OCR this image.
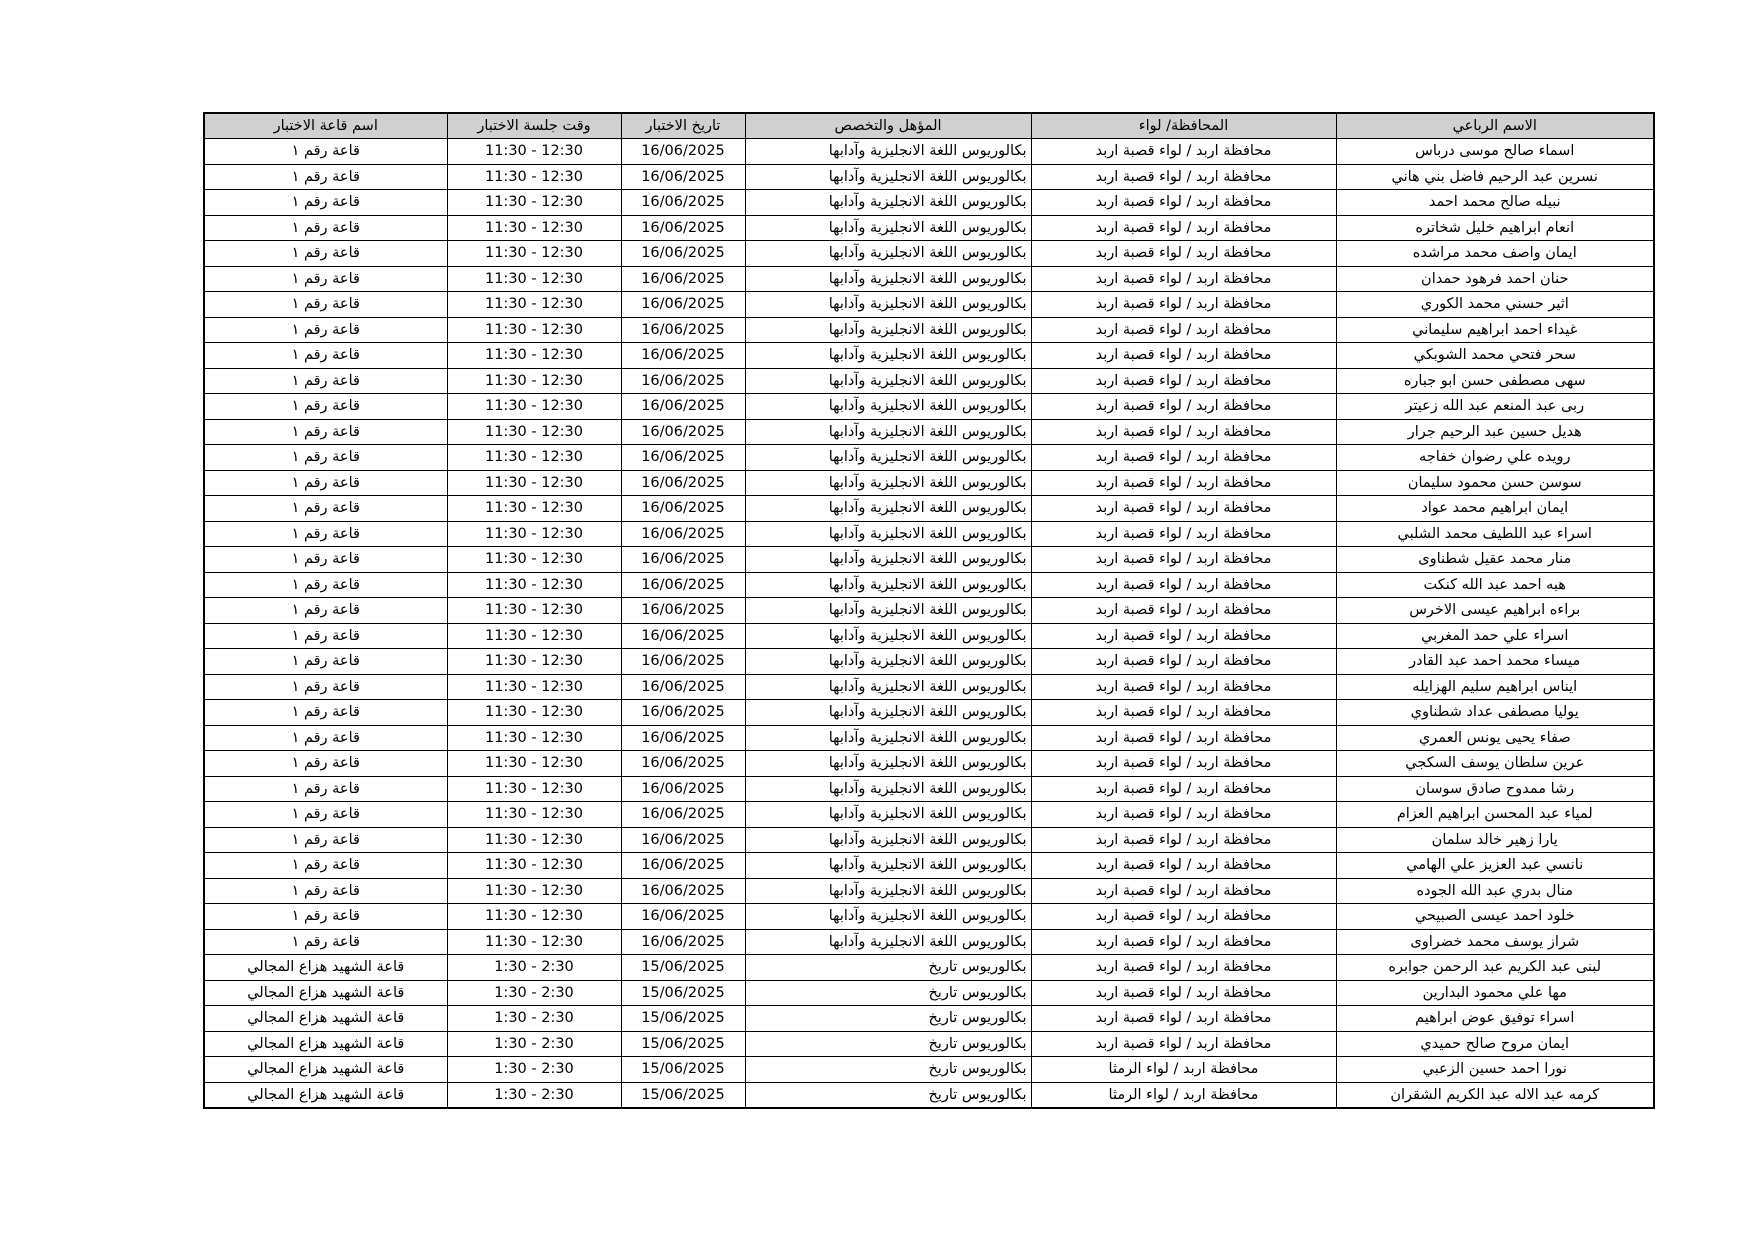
الاسم الرباعي	المحافظة/ لواء	المؤهل والتخصص	تاريخ الاختبار	وقت جلسة الاختبار	اسم قاعة الاختبار
اسماء صالح موسى درباس	محافظة اربد / لواء قصبة اربد	بكالوريوس اللغة الانجليزية وآدابها	16/06/2025	11:30 - 12:30	قاعة رقم ١
نسرين عبد الرحيم فاضل بني هاني	محافظة اربد / لواء قصبة اربد	بكالوريوس اللغة الانجليزية وآدابها	16/06/2025	11:30 - 12:30	قاعة رقم ١
نبيله صالح محمد احمد	محافظة اربد / لواء قصبة اربد	بكالوريوس اللغة الانجليزية وآدابها	16/06/2025	11:30 - 12:30	قاعة رقم ١
انعام ابراهيم خليل شخاتره	محافظة اربد / لواء قصبة اربد	بكالوريوس اللغة الانجليزية وآدابها	16/06/2025	11:30 - 12:30	قاعة رقم ١
ايمان واصف محمد مراشده	محافظة اربد / لواء قصبة اربد	بكالوريوس اللغة الانجليزية وآدابها	16/06/2025	11:30 - 12:30	قاعة رقم ١
حنان احمد فرهود حمدان	محافظة اربد / لواء قصبة اربد	بكالوريوس اللغة الانجليزية وآدابها	16/06/2025	11:30 - 12:30	قاعة رقم ١
اثير حسني محمد الكوري	محافظة اربد / لواء قصبة اربد	بكالوريوس اللغة الانجليزية وآدابها	16/06/2025	11:30 - 12:30	قاعة رقم ١
غيداء احمد ابراهيم سليماني	محافظة اربد / لواء قصبة اربد	بكالوريوس اللغة الانجليزية وآدابها	16/06/2025	11:30 - 12:30	قاعة رقم ١
سحر فتحي محمد الشوبكي	محافظة اربد / لواء قصبة اربد	بكالوريوس اللغة الانجليزية وآدابها	16/06/2025	11:30 - 12:30	قاعة رقم ١
سهى مصطفى حسن ابو جباره	محافظة اربد / لواء قصبة اربد	بكالوريوس اللغة الانجليزية وآدابها	16/06/2025	11:30 - 12:30	قاعة رقم ١
ربى عبد المنعم عبد الله زعيتر	محافظة اربد / لواء قصبة اربد	بكالوريوس اللغة الانجليزية وآدابها	16/06/2025	11:30 - 12:30	قاعة رقم ١
هديل حسين عبد الرحيم جرار	محافظة اربد / لواء قصبة اربد	بكالوريوس اللغة الانجليزية وآدابها	16/06/2025	11:30 - 12:30	قاعة رقم ١
رويده علي رضوان خفاجه	محافظة اربد / لواء قصبة اربد	بكالوريوس اللغة الانجليزية وآدابها	16/06/2025	11:30 - 12:30	قاعة رقم ١
سوسن حسن محمود سليمان	محافظة اربد / لواء قصبة اربد	بكالوريوس اللغة الانجليزية وآدابها	16/06/2025	11:30 - 12:30	قاعة رقم ١
ايمان ابراهيم محمد عواد	محافظة اربد / لواء قصبة اربد	بكالوريوس اللغة الانجليزية وآدابها	16/06/2025	11:30 - 12:30	قاعة رقم ١
اسراء عبد اللطيف محمد الشلبي	محافظة اربد / لواء قصبة اربد	بكالوريوس اللغة الانجليزية وآدابها	16/06/2025	11:30 - 12:30	قاعة رقم ١
منار محمد عقيل شطناوى	محافظة اربد / لواء قصبة اربد	بكالوريوس اللغة الانجليزية وآدابها	16/06/2025	11:30 - 12:30	قاعة رقم ١
هبه احمد عبد الله كنكت	محافظة اربد / لواء قصبة اربد	بكالوريوس اللغة الانجليزية وآدابها	16/06/2025	11:30 - 12:30	قاعة رقم ١
براءه ابراهيم عيسى الاخرس	محافظة اربد / لواء قصبة اربد	بكالوريوس اللغة الانجليزية وآدابها	16/06/2025	11:30 - 12:30	قاعة رقم ١
اسراء علي حمد المغربي	محافظة اربد / لواء قصبة اربد	بكالوريوس اللغة الانجليزية وآدابها	16/06/2025	11:30 - 12:30	قاعة رقم ١
ميساء محمد احمد عبد القادر	محافظة اربد / لواء قصبة اربد	بكالوريوس اللغة الانجليزية وآدابها	16/06/2025	11:30 - 12:30	قاعة رقم ١
ايناس ابراهيم سليم الهزايله	محافظة اربد / لواء قصبة اربد	بكالوريوس اللغة الانجليزية وآدابها	16/06/2025	11:30 - 12:30	قاعة رقم ١
يوليا مصطفى عداد شطناوي	محافظة اربد / لواء قصبة اربد	بكالوريوس اللغة الانجليزية وآدابها	16/06/2025	11:30 - 12:30	قاعة رقم ١
صفاء يحيى يونس العمري	محافظة اربد / لواء قصبة اربد	بكالوريوس اللغة الانجليزية وآدابها	16/06/2025	11:30 - 12:30	قاعة رقم ١
عرين سلطان يوسف السكجي	محافظة اربد / لواء قصبة اربد	بكالوريوس اللغة الانجليزية وآدابها	16/06/2025	11:30 - 12:30	قاعة رقم ١
رشا ممدوح صادق سوسان	محافظة اربد / لواء قصبة اربد	بكالوريوس اللغة الانجليزية وآدابها	16/06/2025	11:30 - 12:30	قاعة رقم ١
لمياء عبد المحسن ابراهيم العزام	محافظة اربد / لواء قصبة اربد	بكالوريوس اللغة الانجليزية وآدابها	16/06/2025	11:30 - 12:30	قاعة رقم ١
يارا زهير خالد سلمان	محافظة اربد / لواء قصبة اربد	بكالوريوس اللغة الانجليزية وآدابها	16/06/2025	11:30 - 12:30	قاعة رقم ١
نانسي عبد العزيز علي الهامي	محافظة اربد / لواء قصبة اربد	بكالوريوس اللغة الانجليزية وآدابها	16/06/2025	11:30 - 12:30	قاعة رقم ١
منال بدري عبد الله الجوده	محافظة اربد / لواء قصبة اربد	بكالوريوس اللغة الانجليزية وآدابها	16/06/2025	11:30 - 12:30	قاعة رقم ١
خلود احمد عيسى الصبيحي	محافظة اربد / لواء قصبة اربد	بكالوريوس اللغة الانجليزية وآدابها	16/06/2025	11:30 - 12:30	قاعة رقم ١
شراز يوسف محمد خضراوى	محافظة اربد / لواء قصبة اربد	بكالوريوس اللغة الانجليزية وآدابها	16/06/2025	11:30 - 12:30	قاعة رقم ١
لبنى عبد الكريم عبد الرحمن جوابره	محافظة اربد / لواء قصبة اربد	بكالوريوس تاريخ	15/06/2025	1:30 - 2:30	قاعة الشهيد هزاع المجالي
مها علي محمود البدارين	محافظة اربد / لواء قصبة اربد	بكالوريوس تاريخ	15/06/2025	1:30 - 2:30	قاعة الشهيد هزاع المجالي
اسراء توفيق عوض ابراهيم	محافظة اربد / لواء قصبة اربد	بكالوريوس تاريخ	15/06/2025	1:30 - 2:30	قاعة الشهيد هزاع المجالي
ايمان مروح صالح حميدي	محافظة اربد / لواء قصبة اربد	بكالوريوس تاريخ	15/06/2025	1:30 - 2:30	قاعة الشهيد هزاع المجالي
نورا احمد حسين الزعبي	محافظة اربد / لواء الرمثا	بكالوريوس تاريخ	15/06/2025	1:30 - 2:30	قاعة الشهيد هزاع المجالي
كرمه عبد الاله عبد الكريم الشقران	محافظة اربد / لواء الرمثا	بكالوريوس تاريخ	15/06/2025	1:30 - 2:30	قاعة الشهيد هزاع المجالي
